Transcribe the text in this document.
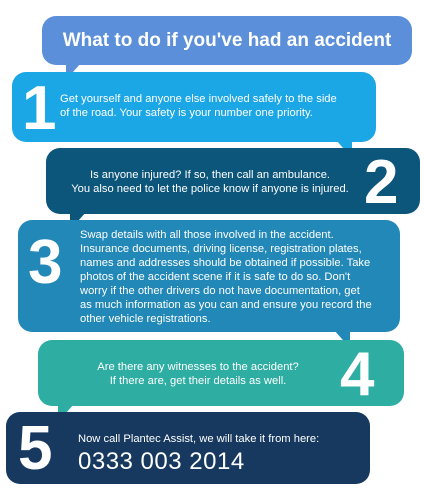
What to do if you've had an accident
1 Get yourself and anyone else involved safely to the side
of the road. Your safety is your number one priority.
Is anyone injured? If so, then call an ambulance.
You also need to let the police know if anyone is injured. 2
3 Swap details with all those involved in the accident.
Insurance documents, driving license, registration plates,
names and addresses should be obtained if possible. Take
photos of the accident scene if it is safe to do so. Don't
worry if the other drivers do not have documentation, get
as much information as you can and ensure you record the
other vehicle registrations.
Are there any witnesses to the accident?
If there are, get their details as well. 4
5 Now call Plantec Assist, we will take it from here:
0333 003 2014
